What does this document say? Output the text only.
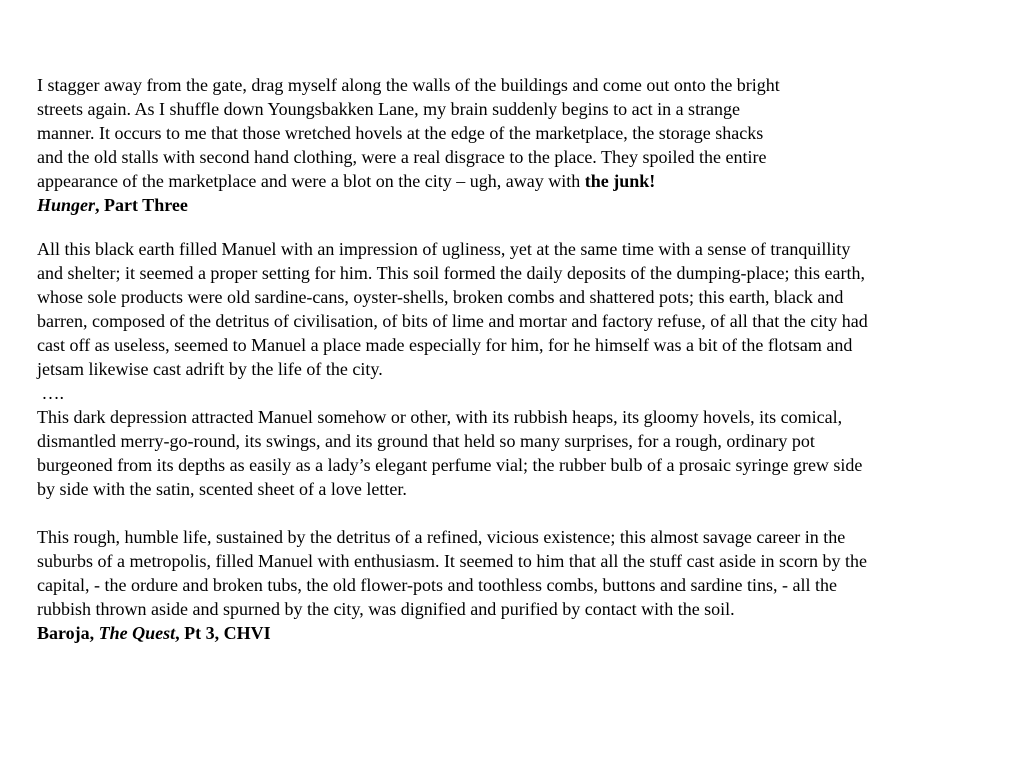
I stagger away from the gate, drag myself along the walls of the buildings and come out onto the bright
streets again. As I shuffle down Youngsbakken Lane, my brain suddenly begins to act in a strange
manner. It occurs to me that those wretched hovels at the edge of the marketplace, the storage shacks
and the old stalls with second hand clothing, were a real disgrace to the place. They spoiled the entire
appearance of the marketplace and were a blot on the city – ugh, away with the junk!
Hunger, Part Three
All this black earth filled Manuel with an impression of ugliness, yet at the same time with a sense of tranquillity
and shelter; it seemed a proper setting for him. This soil formed the daily deposits of the dumping-place; this earth,
whose sole products were old sardine-cans, oyster-shells, broken combs and shattered pots; this earth, black and
barren, composed of the detritus of civilisation, of bits of lime and mortar and factory refuse, of all that the city had
cast off as useless, seemed to Manuel a place made especially for him, for he himself was a bit of the flotsam and
jetsam likewise cast adrift by the life of the city.
….
This dark depression attracted Manuel somehow or other, with its rubbish heaps, its gloomy hovels, its comical,
dismantled merry-go-round, its swings, and its ground that held so many surprises, for a rough, ordinary pot
burgeoned from its depths as easily as a lady’s elegant perfume vial; the rubber bulb of a prosaic syringe grew side
by side with the satin, scented sheet of a love letter.
This rough, humble life, sustained by the detritus of a refined, vicious existence; this almost savage career in the
suburbs of a metropolis, filled Manuel with enthusiasm. It seemed to him that all the stuff cast aside in scorn by the
capital, - the ordure and broken tubs, the old flower-pots and toothless combs, buttons and sardine tins, - all the
rubbish thrown aside and spurned by the city, was dignified and purified by contact with the soil.
Baroja, The Quest, Pt 3, CHVI
